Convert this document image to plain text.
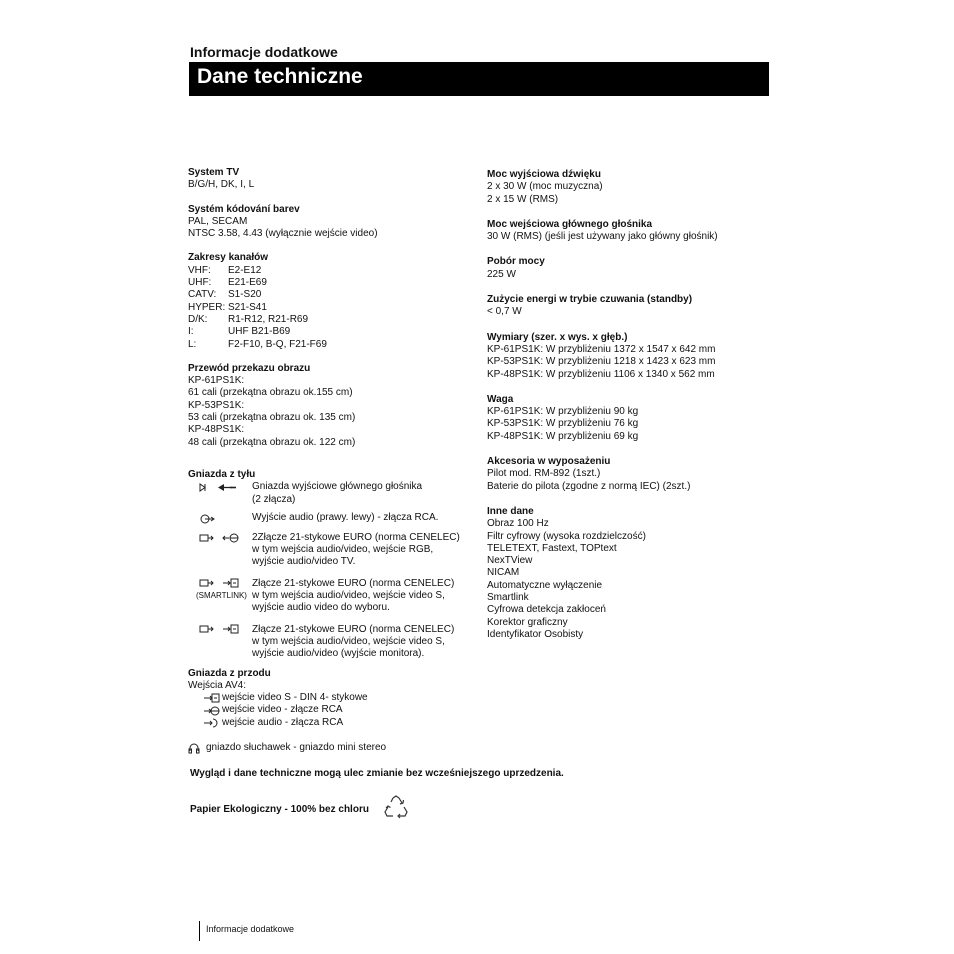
Informacje dodatkowe
Dane techniczne
System TV
B/G/H, DK, I, L
Systém kódování barev
PAL, SECAM
NTSC 3.58, 4.43 (wyłącznie wejście video)
Zakresy kanałów
VHF:	E2-E12
UHF:	E21-E69
CATV:	S1-S20
HYPER: S21-S41
D/K:	R1-R12, R21-R69
I:	UHF B21-B69
L:	F2-F10, B-Q, F21-F69
Przewód przekazu obrazu
KP-61PS1K:
61 cali (przekątna obrazu ok.155 cm)
KP-53PS1K:
53 cali (przekątna obrazu ok. 135 cm)
KP-48PS1K:
48 cali (przekątna obrazu ok. 122 cm)
Gniazda z tyłu
Gniazda wyjściowe głównego głośnika
(2 złącza)
Wyjście audio (prawy. lewy) - złącza RCA.
2Złącze 21-stykowe EURO (norma CENELEC)
w tym wejścia audio/video, wejście RGB,
wyjście audio/video TV.
(SMARTLINK)
Złącze 21-stykowe EURO (norma CENELEC)
w tym wejścia audio/video, wejście video S,
wyjście audio video do wyboru.
Złącze 21-stykowe EURO (norma CENELEC)
w tym wejścia audio/video, wejście video S,
wyjście audio/video (wyjście monitora).
Gniazda z przodu
Wejścia AV4:
wejście video S - DIN 4- stykowe
wejście video - złącze RCA
wejście audio - złącza RCA
gniazdo słuchawek - gniazdo mini stereo
Moc wyjściowa dźwięku
2 x 30 W (moc muzyczna)
2 x 15 W (RMS)
Moc wejściowa głównego głośnika
30 W (RMS) (jeśli jest używany jako główny głośnik)
Pobór mocy
225 W
Zużycie energi w trybie czuwania (standby)
< 0,7 W
Wymiary (szer. x wys. x głęb.)
KP-61PS1K: W przybliżeniu 1372 x 1547 x 642 mm
KP-53PS1K: W przybliżeniu 1218 x 1423 x 623 mm
KP-48PS1K: W przybliżeniu 1106 x 1340 x 562 mm
Waga
KP-61PS1K: W przybliżeniu 90 kg
KP-53PS1K: W przybliżeniu 76 kg
KP-48PS1K: W przybliżeniu 69 kg
Akcesoria w wyposażeniu
Pilot mod. RM-892 (1szt.)
Baterie do pilota (zgodne z normą IEC) (2szt.)
Inne dane
Obraz 100 Hz
Filtr cyfrowy (wysoka rozdzielczość)
TELETEXT, Fastext, TOPtext
NexTView
NICAM
Automatyczne wyłączenie
Smartlink
Cyfrowa detekcja zakłoceń
Korektor graficzny
Identyfikator Osobisty
Wygląd i dane techniczne mogą ulec zmianie bez wcześniejszego uprzedzenia.
Papier Ekologiczny - 100% bez chloru
Informacje dodatkowe
